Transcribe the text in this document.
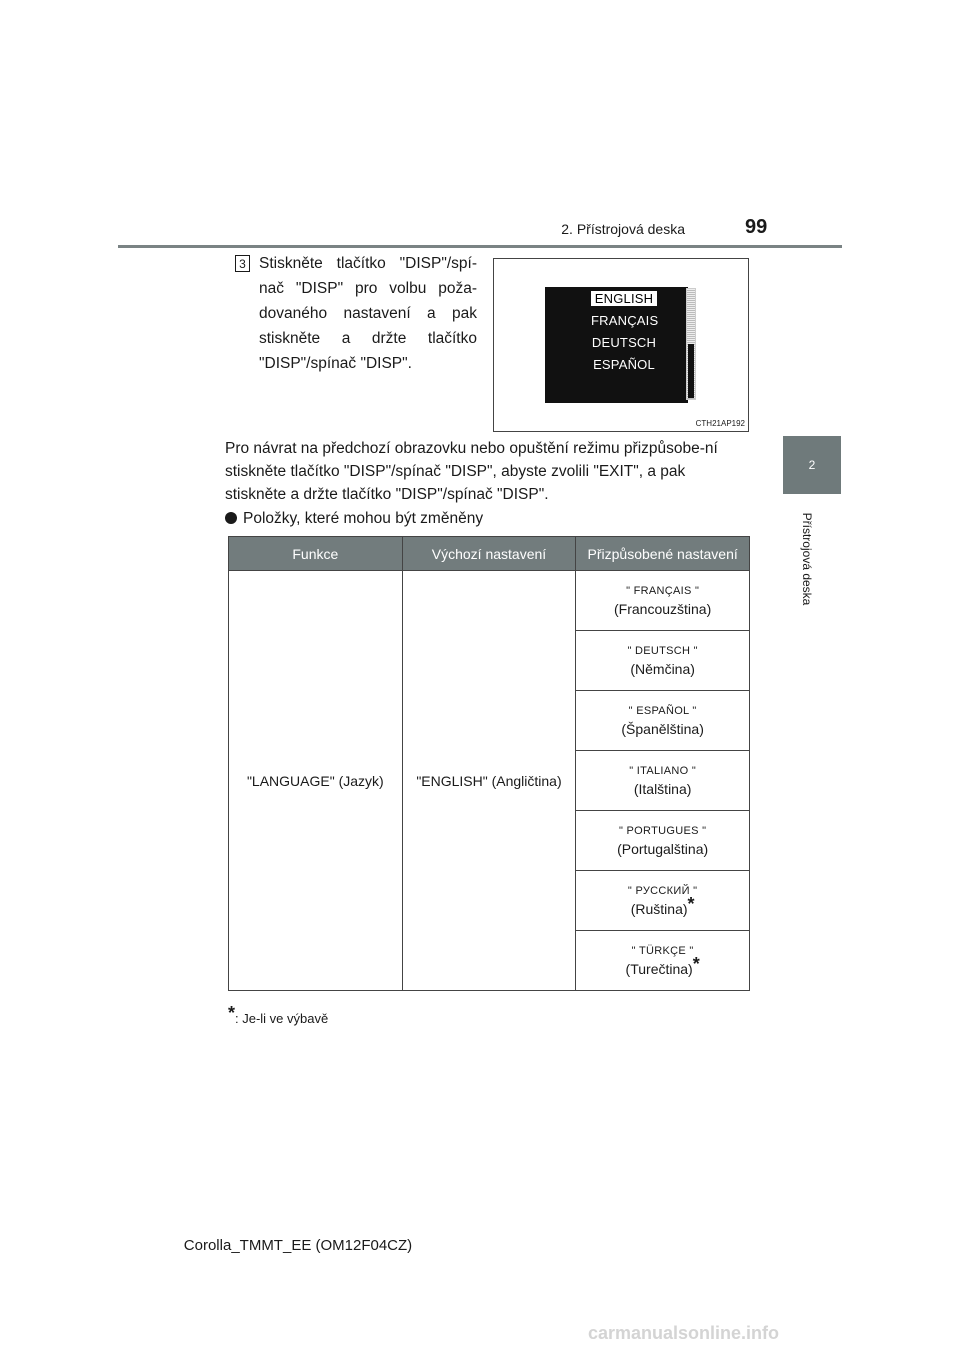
2. Přístrojová deska	99
2
Přístrojová deska
3 Stiskněte tlačítko "DISP"/spí-nač "DISP" pro volbu poža-dovaného nastavení a pak stiskněte a držte tlačítko "DISP"/spínač "DISP".
ENGLISH
FRANÇAIS
DEUTSCH
ESPAÑOL
CTH21AP192
Pro návrat na předchozí obrazovku nebo opuštění režimu přizpůsobe-ní stiskněte tlačítko "DISP"/spínač "DISP", abyste zvolili "EXIT", a pak stiskněte a držte tlačítko "DISP"/spínač "DISP".
Položky, které mohou být změněny
Funkce	Výchozí nastavení	Přizpůsobené nastavení
"LANGUAGE" (Jazyk)	"ENGLISH" (Angličtina)	" FRANÇAIS "
(Francouzština)

		" DEUTSCH "
(Němčina)

		" ESPAÑOL "
(Španělština)

		" ITALIANO "
(Italština)

		" PORTUGUES "
(Portugalština)

		" РУССКИЙ "
(Ruština)*

		" TÜRKÇE "
(Turečtina)*
*: Je-li ve výbavě
Corolla_TMMT_EE (OM12F04CZ)
carmanualsonline.info
